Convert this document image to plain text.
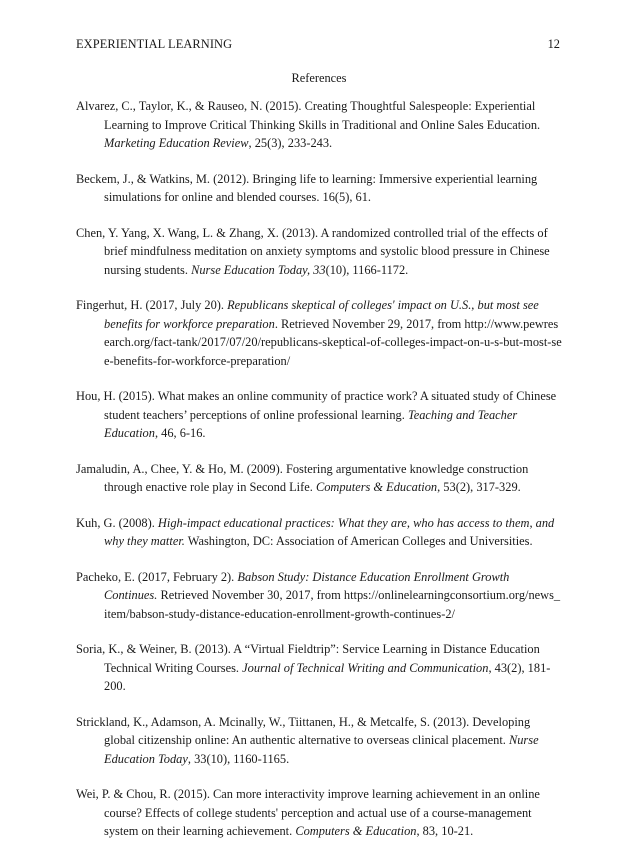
EXPERIENTIAL LEARNING	12
References
Alvarez, C., Taylor, K., & Rauseo, N. (2015). Creating Thoughtful Salespeople: Experiential Learning to Improve Critical Thinking Skills in Traditional and Online Sales Education. Marketing Education Review, 25(3), 233-243.
Beckem, J., & Watkins, M. (2012). Bringing life to learning: Immersive experiential learning simulations for online and blended courses. 16(5), 61.
Chen, Y. Yang, X. Wang, L. & Zhang, X. (2013). A randomized controlled trial of the effects of brief mindfulness meditation on anxiety symptoms and systolic blood pressure in Chinese nursing students. Nurse Education Today, 33(10), 1166-1172.
Fingerhut, H. (2017, July 20). Republicans skeptical of colleges' impact on U.S., but most see benefits for workforce preparation. Retrieved November 29, 2017, from http://www.pewresearch.org/fact-tank/2017/07/20/republicans-skeptical-of-colleges-impact-on-u-s-but-most-see-benefits-for-workforce-preparation/
Hou, H. (2015). What makes an online community of practice work? A situated study of Chinese student teachers’ perceptions of online professional learning. Teaching and Teacher Education, 46, 6-16.
Jamaludin, A., Chee, Y. & Ho, M. (2009). Fostering argumentative knowledge construction through enactive role play in Second Life. Computers & Education, 53(2), 317-329.
Kuh, G. (2008). High-impact educational practices: What they are, who has access to them, and why they matter. Washington, DC: Association of American Colleges and Universities.
Pacheko, E. (2017, February 2). Babson Study: Distance Education Enrollment Growth Continues. Retrieved November 30, 2017, from https://onlinelearningconsortium.org/news_item/babson-study-distance-education-enrollment-growth-continues-2/
Soria, K., & Weiner, B. (2013). A “Virtual Fieldtrip”: Service Learning in Distance Education Technical Writing Courses. Journal of Technical Writing and Communication, 43(2), 181-200.
Strickland, K., Adamson, A. Mcinally, W., Tiittanen, H., & Metcalfe, S. (2013). Developing global citizenship online: An authentic alternative to overseas clinical placement. Nurse Education Today, 33(10), 1160-1165.
Wei, P. & Chou, R. (2015). Can more interactivity improve learning achievement in an online course? Effects of college students' perception and actual use of a course-management system on their learning achievement. Computers & Education, 83, 10-21.
